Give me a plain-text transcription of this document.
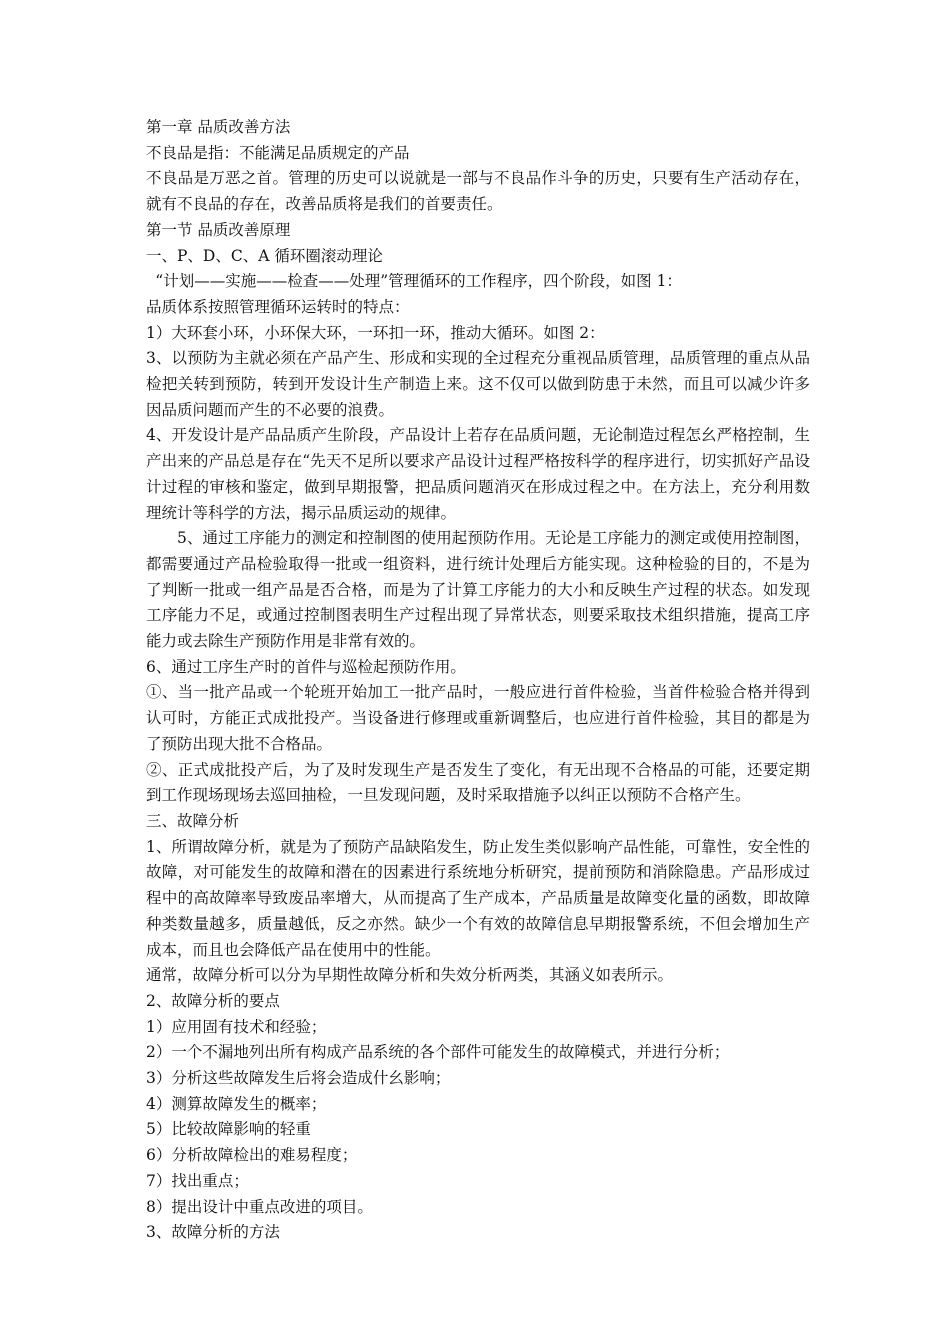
第一章 品质改善方法

不良品是指：不能满足品质规定的产品

不良品是万恶之首。管理的历史可以说就是一部与不良品作斗争的历史，只要有生产活动存在，就有不良品的存在，改善品质将是我们的首要责任。

第一节 品质改善原理

一、P、D、C、A 循环圈滚动理论

“计划——实施——检查——处理”管理循环的工作程序，四个阶段，如图 1：

品质体系按照管理循环运转时的特点：

1）大环套小环，小环保大环，一环扣一环，推动大循环。如图 2：

3、以预防为主就必须在产品产生、形成和实现的全过程充分重视品质管理，品质管理的重点从品检把关转到预防，转到开发设计生产制造上来。这不仅可以做到防患于未然，而且可以减少许多因品质问题而产生的不必要的浪费。

4、开发设计是产品品质产生阶段，产品设计上若存在品质问题，无论制造过程怎幺严格控制，生产出来的产品总是存在“先天不足所以要求产品设计过程严格按科学的程序进行，切实抓好产品设计过程的审核和鉴定，做到早期报警，把品质问题消灭在形成过程之中。在方法上，充分利用数理统计等科学的方法，揭示品质运动的规律。

5、通过工序能力的测定和控制图的使用起预防作用。无论是工序能力的测定或使用控制图，都需要通过产品检验取得一批或一组资料，进行统计处理后方能实现。这种检验的目的，不是为了判断一批或一组产品是否合格，而是为了计算工序能力的大小和反映生产过程的状态。如发现工序能力不足，或通过控制图表明生产过程出现了异常状态，则要采取技术组织措施，提高工序能力或去除生产预防作用是非常有效的。

6、通过工序生产时的首件与巡检起预防作用。

①、当一批产品或一个轮班开始加工一批产品时，一般应进行首件检验，当首件检验合格并得到认可时，方能正式成批投产。当设备进行修理或重新调整后，也应进行首件检验，其目的都是为了预防出现大批不合格品。

②、正式成批投产后，为了及时发现生产是否发生了变化，有无出现不合格品的可能，还要定期到工作现场现场去巡回抽检，一旦发现问题，及时采取措施予以纠正以预防不合格产生。

三、故障分析

1、所谓故障分析，就是为了预防产品缺陷发生，防止发生类似影响产品性能，可靠性，安全性的故障，对可能发生的故障和潜在的因素进行系统地分析研究，提前预防和消除隐患。产品形成过程中的高故障率导致废品率增大，从而提高了生产成本，产品质量是故障变化量的函数，即故障种类数量越多，质量越低，反之亦然。缺少一个有效的故障信息早期报警系统，不但会增加生产成本，而且也会降低产品在使用中的性能。

通常，故障分析可以分为早期性故障分析和失效分析两类，其涵义如表所示。

2、故障分析的要点

1）应用固有技术和经验；

2）一个不漏地列出所有构成产品系统的各个部件可能发生的故障模式，并进行分析；

3）分析这些故障发生后将会造成什幺影响；

4）测算故障发生的概率；

5）比较故障影响的轻重

6）分析故障检出的难易程度；

7）找出重点；

8）提出设计中重点改进的项目。

3、故障分析的方法
